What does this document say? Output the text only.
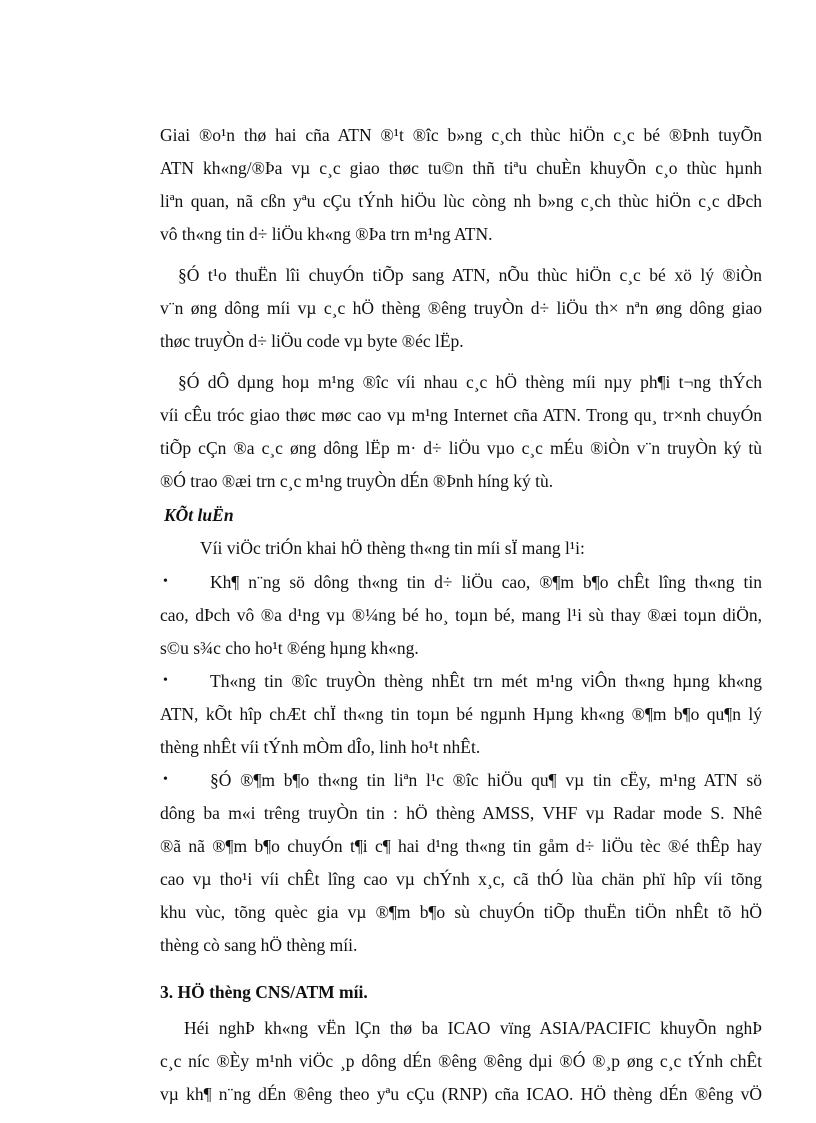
Giai ®o¹n thø hai cña ATN ®¹t ®îc b»ng c¸ch thùc hiÖn c¸c bé ®Þnh tuyÕn
ATN kh«ng/®Þa vµ c¸c giao thøc tu©n thñ tiªu chuÈn khuyÕn c¸o thùc hµnh
liªn quan, nã cßn yªu cÇu tÝnh hiÖu lùc còng nh b»ng c¸ch thùc hiÖn c¸c dÞch
vô th«ng tin d÷ liÖu kh«ng ®Þa trn m¹ng ATN.
§Ó t¹o thuËn lîi chuyÓn tiÕp sang ATN, nÕu thùc hiÖn c¸c bé xö lý ®iÒn
v¨n øng dông míi vµ c¸c hÖ thèng ®êng truyÒn d÷ liÖu th× nªn øng dông giao
thøc truyÒn d÷ liÖu code vµ byte ®éc lËp.
§Ó dÔ dµng hoµ m¹ng ®îc víi nhau c¸c hÖ thèng míi nµy ph¶i t¬ng thÝch
víi cÊu tróc giao thøc møc cao vµ m¹ng Internet cña ATN. Trong qu¸ tr×nh chuyÓn
tiÕp cÇn ®a c¸c øng dông lËp m· d÷ liÖu vµo c¸c mÉu ®iÒn v¨n truyÒn ký tù
®Ó trao ®æi trn c¸c m¹ng truyÒn dÉn ®Þnh híng ký tù.
KÕt luËn
Víi viÖc triÓn khai hÖ thèng th«ng tin míi sÏ mang l¹i:
• Kh¶ n¨ng sö dông th«ng tin d÷ liÖu cao, ®¶m b¶o chÊt lîng th«ng tin
cao, dÞch vô ®a d¹ng vµ ®¼ng bé ho¸ toµn bé, mang l¹i sù thay ®æi toµn diÖn,
s©u s¾c cho ho¹t ®éng hµng kh«ng.
• Th«ng tin ®îc truyÒn thèng nhÊt trn mét m¹ng viÔn th«ng hµng kh«ng
ATN, kÕt hîp chÆt chÏ th«ng tin toµn bé ngµnh Hµng kh«ng ®¶m b¶o qu¶n lý
thèng nhÊt víi tÝnh mÒm dÎo, linh ho¹t nhÊt.
• §Ó ®¶m b¶o th«ng tin liªn l¹c ®îc hiÖu qu¶ vµ tin cËy, m¹ng ATN sö
dông ba m«i trêng truyÒn tin : hÖ thèng AMSS, VHF vµ Radar mode S. Nhê
®ã nã ®¶m b¶o chuyÓn t¶i c¶ hai d¹ng th«ng tin gåm d÷ liÖu tèc ®é thÊp hay
cao vµ tho¹i víi chÊt lîng cao vµ chÝnh x¸c, cã thÓ lùa chän phï hîp víi tõng
khu vùc, tõng quèc gia vµ ®¶m b¶o sù chuyÓn tiÕp thuËn tiÖn nhÊt tõ hÖ
thèng cò sang hÖ thèng míi.
3. HÖ thèng CNS/ATM míi.
Héi nghÞ kh«ng vËn lÇn thø ba ICAO vïng ASIA/PACIFIC khuyÕn nghÞ
c¸c níc ®Èy m¹nh viÖc ¸p dông dÉn ®êng ®êng dµi ®Ó ®¸p øng c¸c tÝnh chÊt
vµ kh¶ n¨ng dÉn ®êng theo yªu cÇu (RNP) cña ICAO. HÖ thèng dÉn ®êng vÖ
